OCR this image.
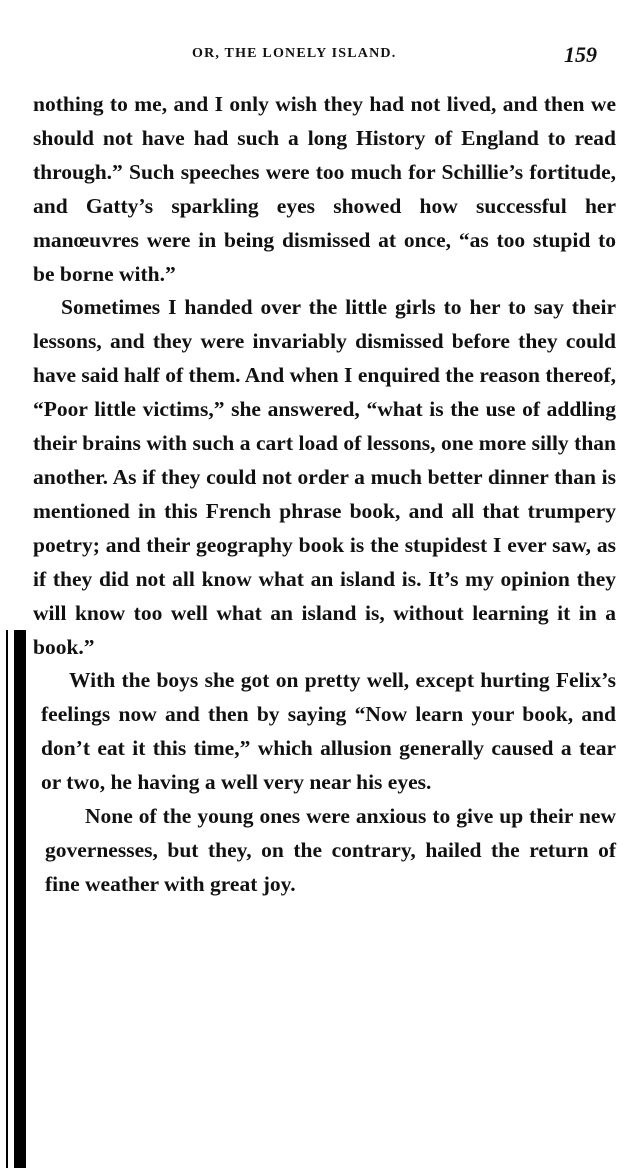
OR, THE LONELY ISLAND.	159

nothing to me, and I only wish they had not lived, and then we should not have had such a long History of England to read through.” Such speeches were too much for Schillie’s fortitude, and Gatty’s sparkling eyes showed how successful her manœuvres were in being dismissed at once, “as too stupid to be borne with.”

Sometimes I handed over the little girls to her to say their lessons, and they were invariably dismissed before they could have said half of them. And when I enquired the reason thereof, “Poor little victims,” she answered, “what is the use of addling their brains with such a cart load of lessons, one more silly than another. As if they could not order a much better dinner than is mentioned in this French phrase book, and all that trumpery poetry; and their geography book is the stupidest I ever saw, as if they did not all know what an island is. It’s my opinion they will know too well what an island is, without learning it in a book.”

With the boys she got on pretty well, except hurting Felix’s feelings now and then by saying “Now learn your book, and don’t eat it this time,” which allusion generally caused a tear or two, he having a well very near his eyes.

None of the young ones were anxious to give up their new governesses, but they, on the contrary, hailed the return of fine weather with great joy.
